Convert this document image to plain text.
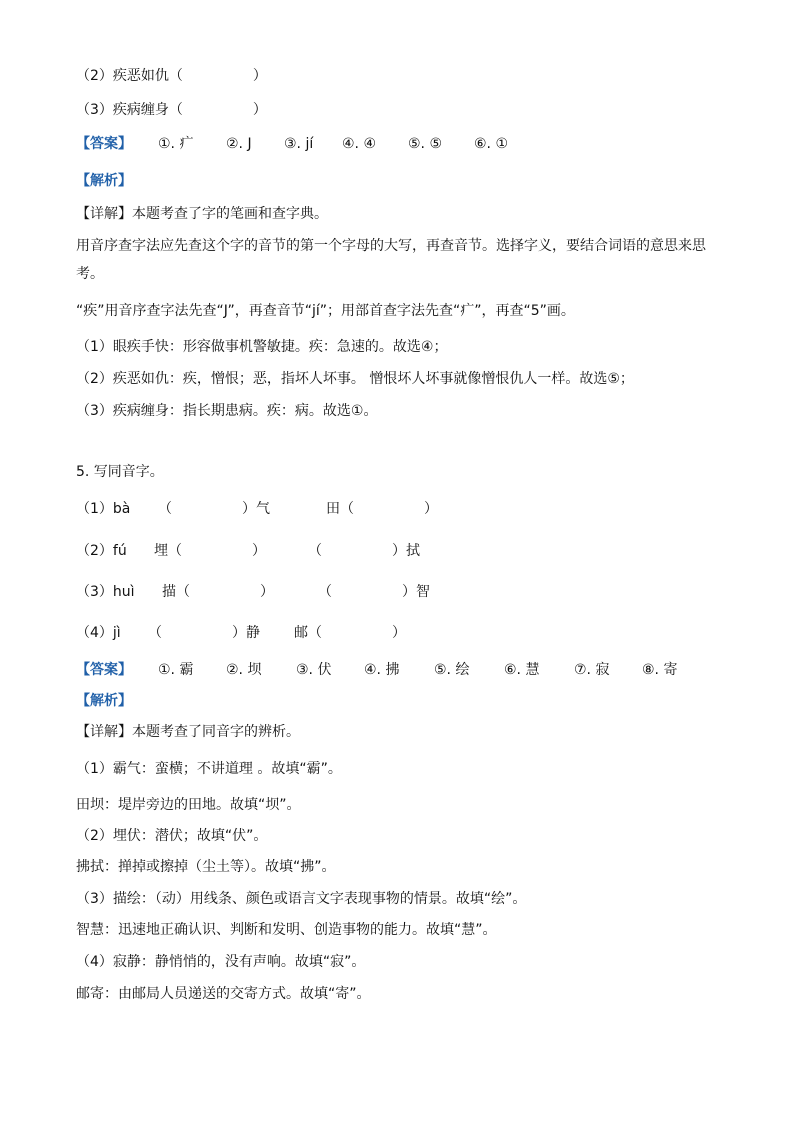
（2）疾恶如仇（　　　　　）
（3）疾病缠身（　　　　　）
【答案】 ①. 疒 ②. J ③. jí ④. ④ ⑤. ⑤ ⑥. ①
【解析】
【详解】本题考查了字的笔画和查字典。
用音序查字法应先查这个字的音节的第一个字母的大写，再查音节。选择字义，要结合词语的意思来思
考。
“疾”用音序查字法先查“J”，再查音节“jí”；用部首查字法先查“疒”，再查“5”画。
（1）眼疾手快：形容做事机警敏捷。疾：急速的。故选④；
（2）疾恶如仇：疾，憎恨；恶，指坏人坏事。 憎恨坏人坏事就像憎恨仇人一样。故选⑤；
（3）疾病缠身：指长期患病。疾：病。故选①。
5. 写同音字。
（1）bà （　　　　　）气	田（　　　　　）
（2）fú 埋（　　　　　）	（　　　　　）拭
（3）huì 描（　　　　　）	（　　　　　）智
（4）jì （　　　　　）静 邮（　　　　　）
【答案】 ①. 霸 ②. 坝 ③. 伏 ④. 拂 ⑤. 绘 ⑥. 慧 ⑦. 寂 ⑧. 寄
【解析】
【详解】本题考查了同音字的辨析。
（1）霸气：蛮横；不讲道理 。故填“霸”。
田坝：堤岸旁边的田地。故填“坝”。
（2）埋伏：潜伏；故填“伏”。
拂拭：掸掉或擦掉（尘土等）。故填“拂”。
（3）描绘：（动）用线条、颜色或语言文字表现事物的情景。故填“绘”。
智慧：迅速地正确认识、判断和发明、创造事物的能力。故填“慧”。
（4）寂静：静悄悄的，没有声响。故填“寂”。
邮寄：由邮局人员递送的交寄方式。故填“寄”。
